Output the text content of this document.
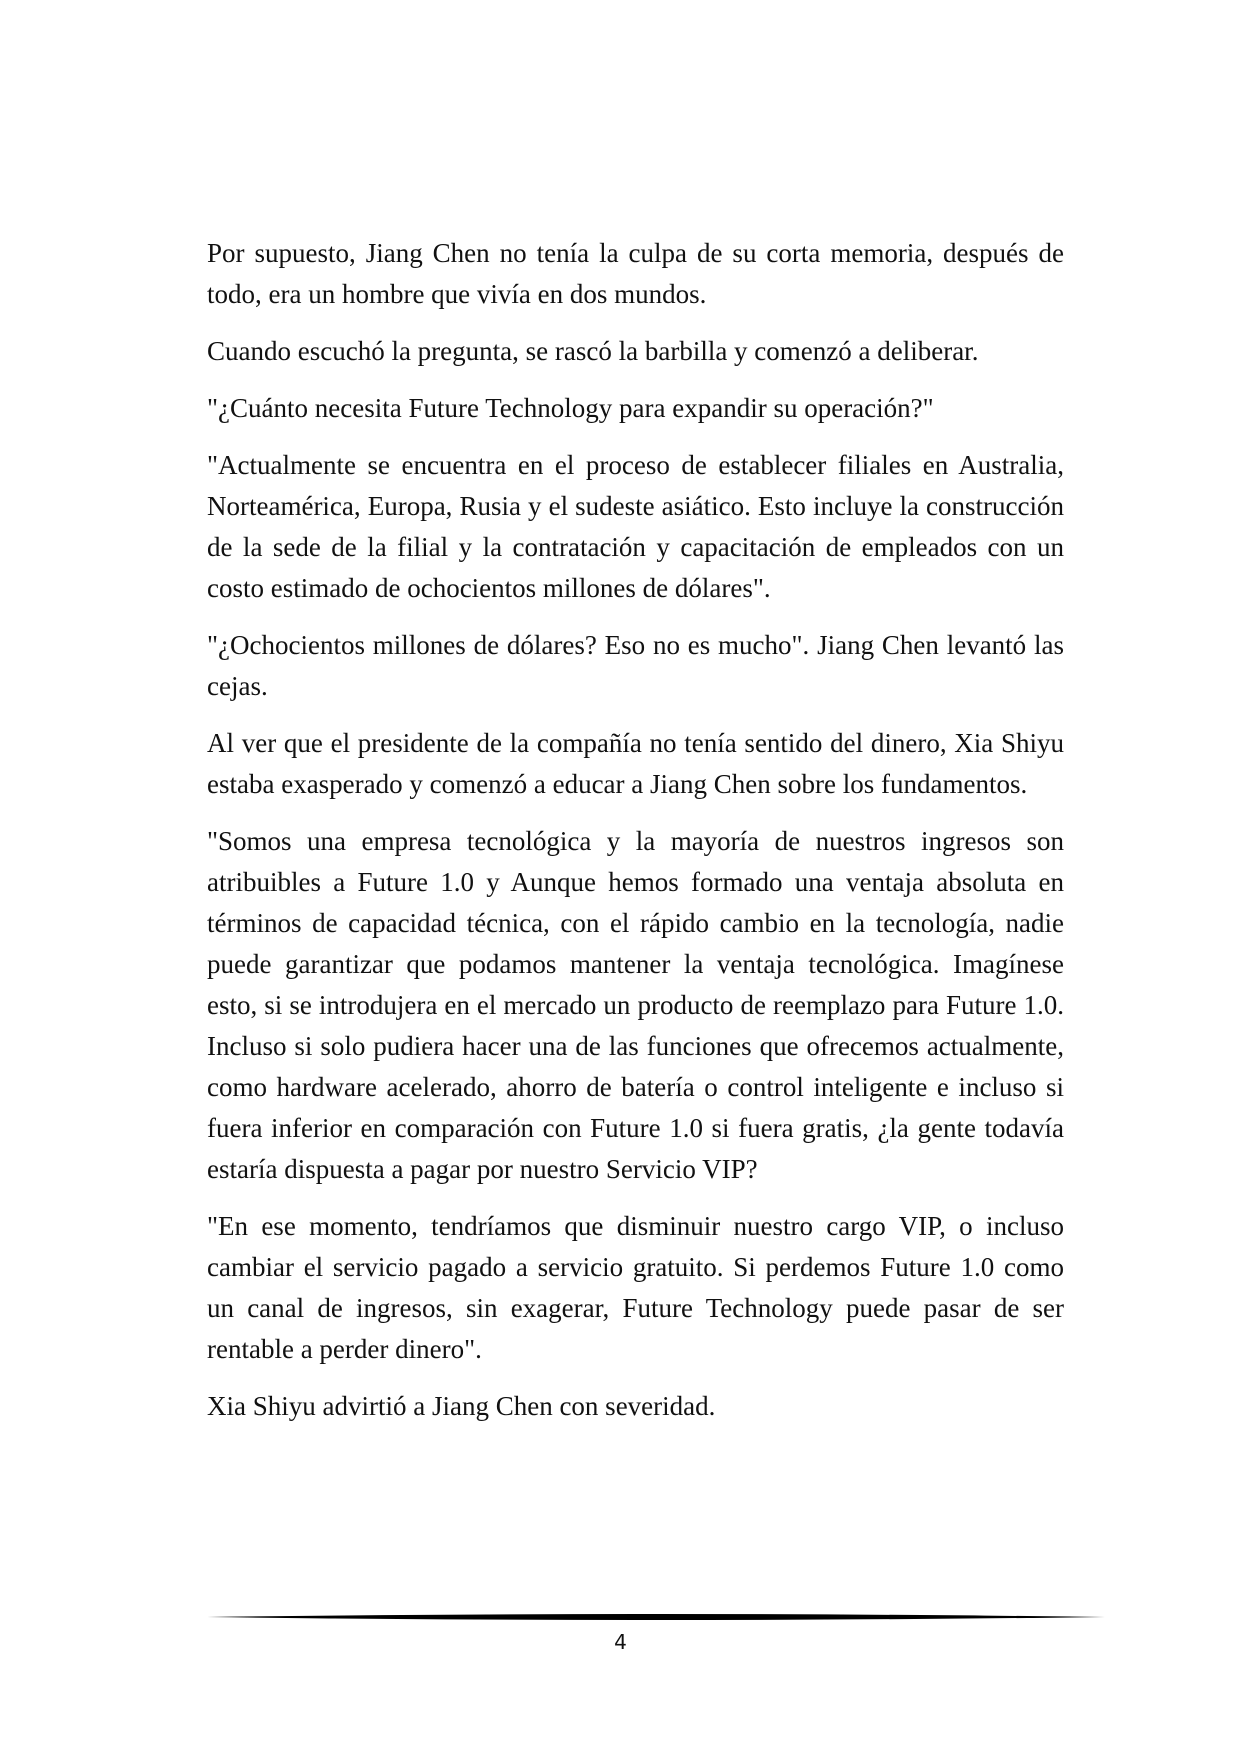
Por supuesto, Jiang Chen no tenía la culpa de su corta memoria, después de todo, era un hombre que vivía en dos mundos.

Cuando escuchó la pregunta, se rascó la barbilla y comenzó a deliberar.

"¿Cuánto necesita Future Technology para expandir su operación?"

"Actualmente se encuentra en el proceso de establecer filiales en Australia, Norteamérica, Europa, Rusia y el sudeste asiático. Esto incluye la construcción de la sede de la filial y la contratación y capacitación de empleados con un costo estimado de ochocientos millones de dólares".

"¿Ochocientos millones de dólares? Eso no es mucho". Jiang Chen levantó las cejas.

Al ver que el presidente de la compañía no tenía sentido del dinero, Xia Shiyu estaba exasperado y comenzó a educar a Jiang Chen sobre los fundamentos.

"Somos una empresa tecnológica y la mayoría de nuestros ingresos son atribuibles a Future 1.0 y Aunque hemos formado una ventaja absoluta en términos de capacidad técnica, con el rápido cambio en la tecnología, nadie puede garantizar que podamos mantener la ventaja tecnológica. Imagínese esto, si se introdujera en el mercado un producto de reemplazo para Future 1.0. Incluso si solo pudiera hacer una de las funciones que ofrecemos actualmente, como hardware acelerado, ahorro de batería o control inteligente e incluso si fuera inferior en comparación con Future 1.0 si fuera gratis, ¿la gente todavía estaría dispuesta a pagar por nuestro Servicio VIP?

"En ese momento, tendríamos que disminuir nuestro cargo VIP, o incluso cambiar el servicio pagado a servicio gratuito. Si perdemos Future 1.0 como un canal de ingresos, sin exagerar, Future Technology puede pasar de ser rentable a perder dinero".

Xia Shiyu advirtió a Jiang Chen con severidad.

4
